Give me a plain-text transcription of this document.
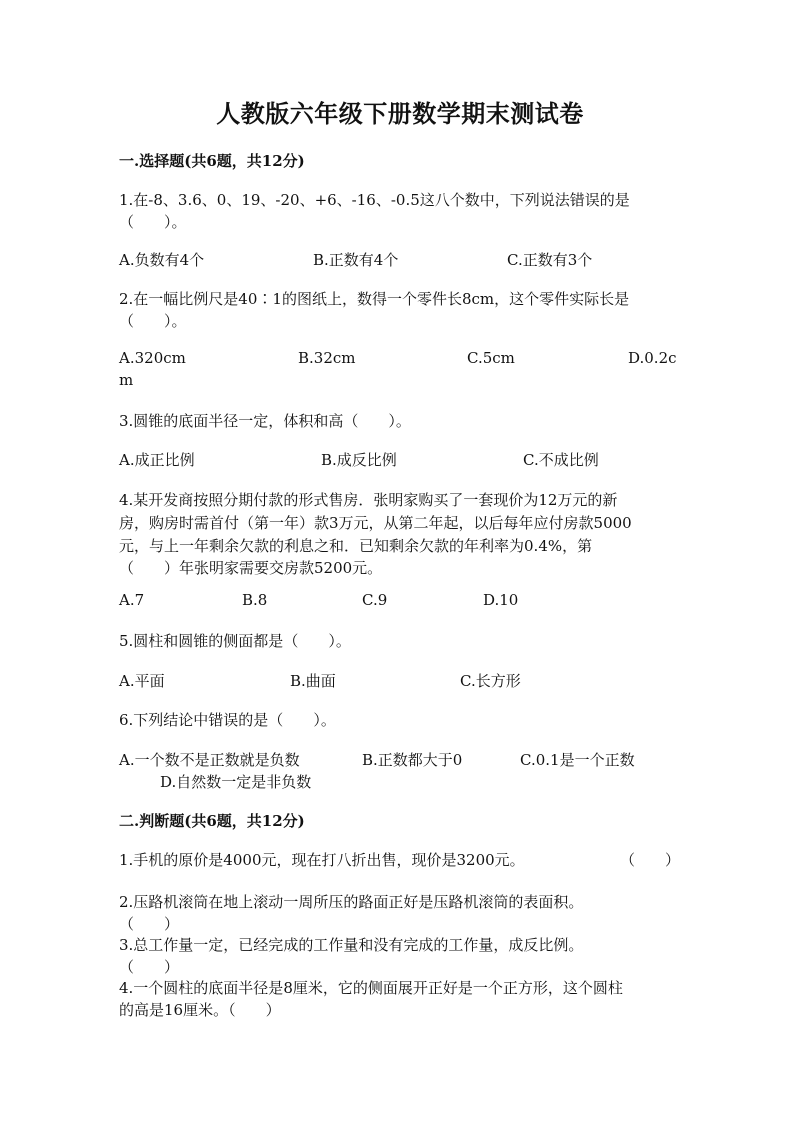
人教版六年级下册数学期末测试卷
一.选择题(共6题，共12分)
1.在-8、3.6、0、19、-20、+6、-16、-0.5这八个数中，下列说法错误的是
（　　）。
A.负数有4个	B.正数有4个	C.正数有3个
2.在一幅比例尺是40∶1的图纸上，数得一个零件长8cm，这个零件实际长是
（　　）。
A.320cm	B.32cm	C.5cm	D.0.2c
m
3.圆锥的底面半径一定，体积和高（　　）。
A.成正比例	B.成反比例	C.不成比例
4.某开发商按照分期付款的形式售房．张明家购买了一套现价为12万元的新
房，购房时需首付（第一年）款3万元，从第二年起，以后每年应付房款5000
元，与上一年剩余欠款的利息之和．已知剩余欠款的年利率为0.4%，第
（　　）年张明家需要交房款5200元。
A.7	B.8	C.9	D.10
5.圆柱和圆锥的侧面都是（　　）。
A.平面	B.曲面	C.长方形
6.下列结论中错误的是（　　）。
A.一个数不是正数就是负数	B.正数都大于0	C.0.1是一个正数
D.自然数一定是非负数
二.判断题(共6题，共12分)
1.手机的原价是4000元，现在打八折出售，现价是3200元。	（　　）
2.压路机滚筒在地上滚动一周所压的路面正好是压路机滚筒的表面积。
（　　）
3.总工作量一定，已经完成的工作量和没有完成的工作量，成反比例。
（　　）
4.一个圆柱的底面半径是8厘米，它的侧面展开正好是一个正方形，这个圆柱
的高是16厘米。（　　）
